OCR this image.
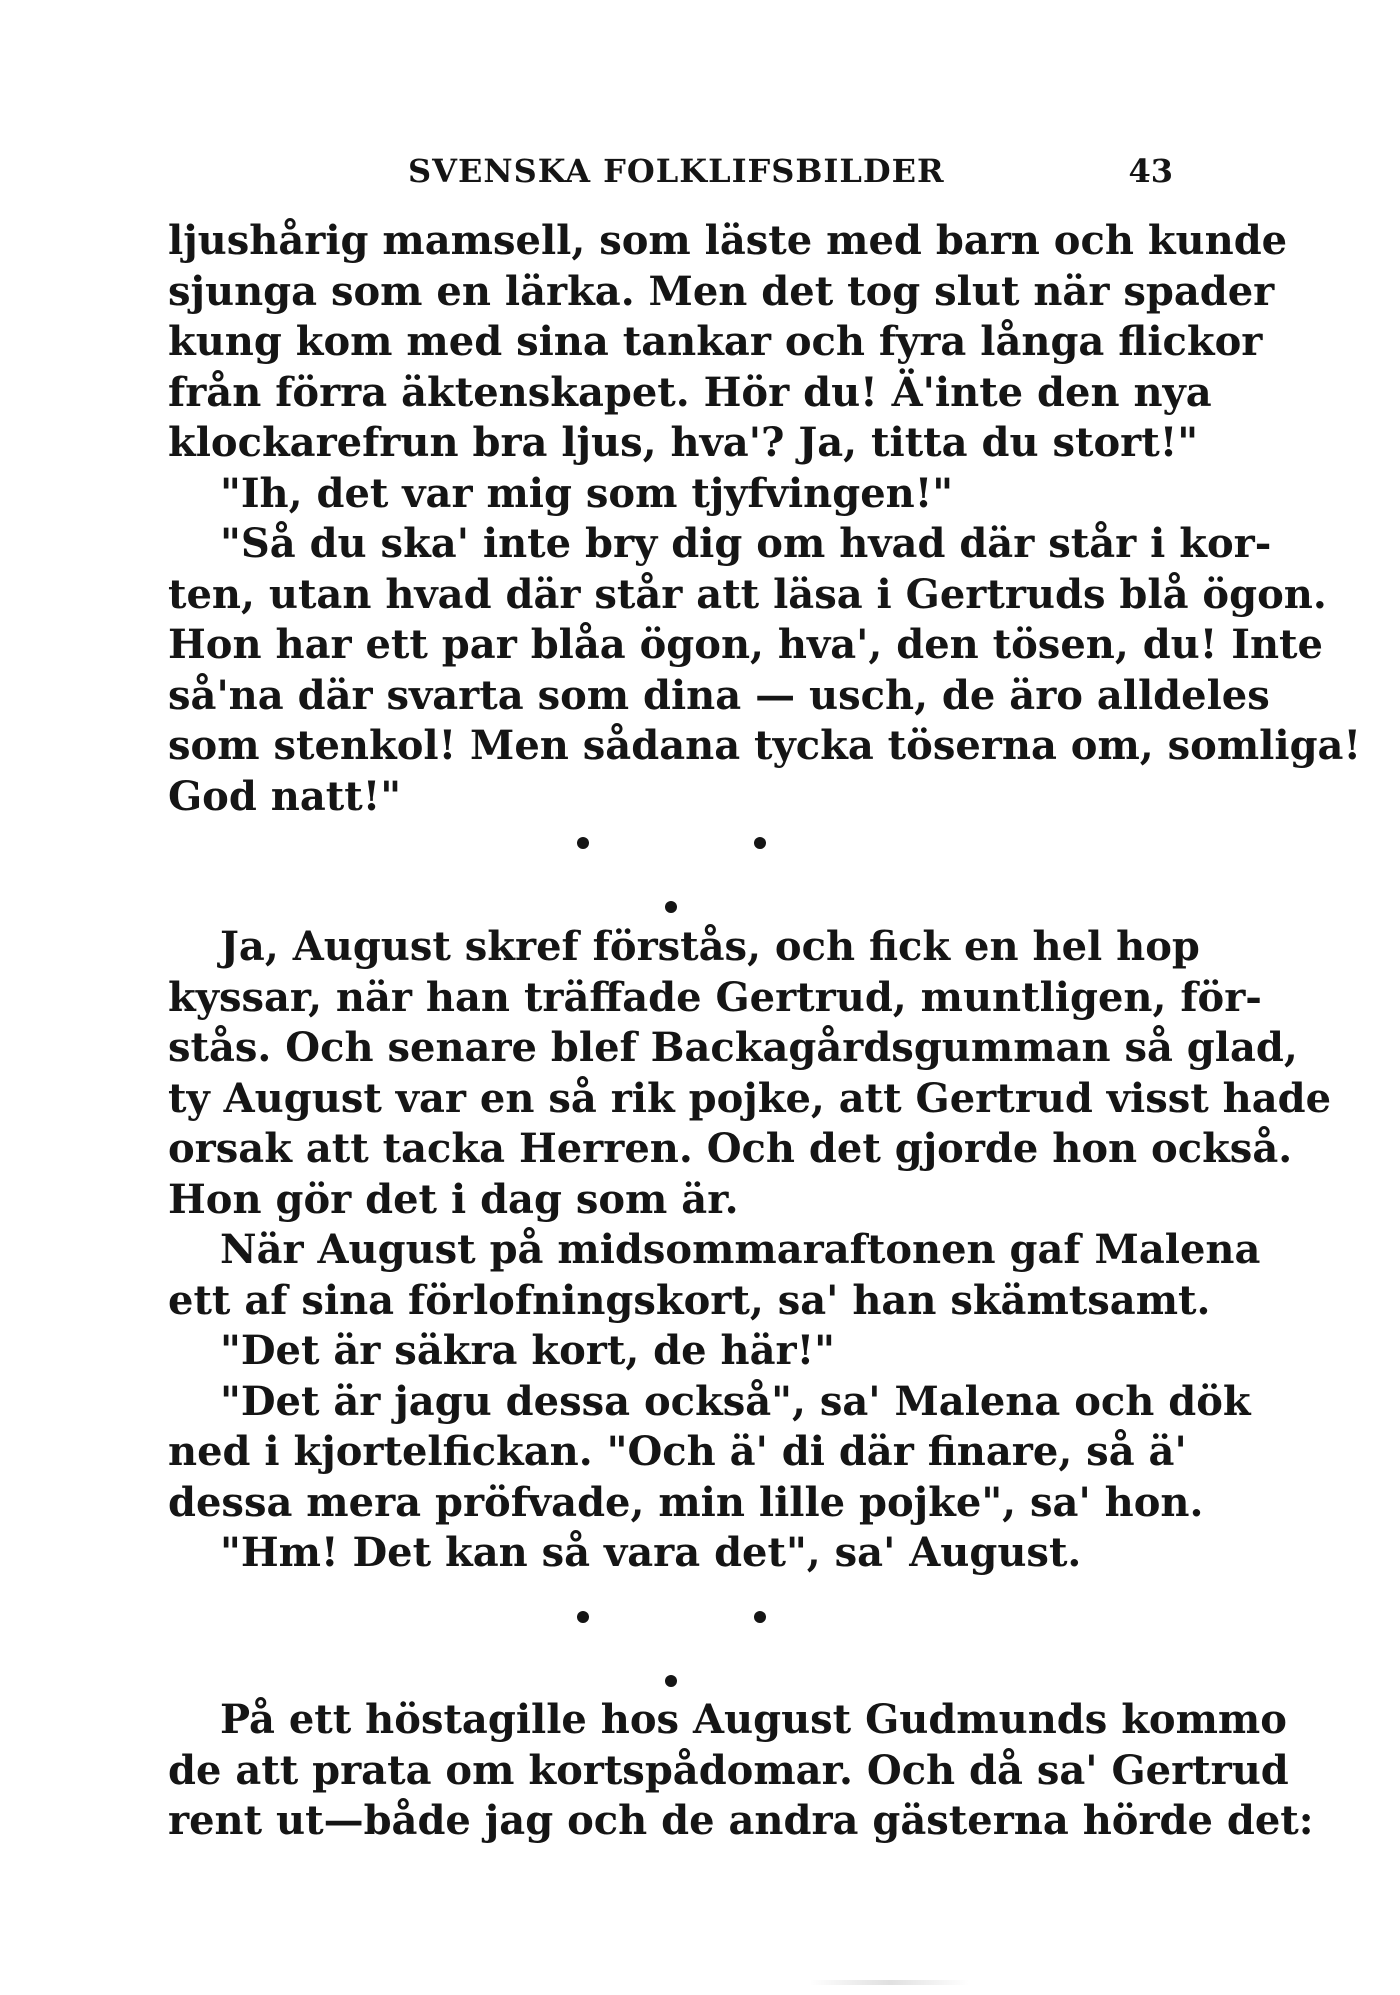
SVENSKA FOLKLIFSBILDER	43
ljushårig mamsell, som läste med barn och kunde
sjunga som en lärka. Men det tog slut när spader
kung kom med sina tankar och fyra långa flickor
från förra äktenskapet. Hör du! Ä'inte den nya
klockarefrun bra ljus, hva'? Ja, titta du stort!"
"Ih, det var mig som tjyfvingen!"
"Så du ska' inte bry dig om hvad där står i kor-
ten, utan hvad där står att läsa i Gertruds blå ögon.
Hon har ett par blåa ögon, hva', den tösen, du! Inte
så'na där svarta som dina — usch, de äro alldeles
som stenkol! Men sådana tycka töserna om, somliga!
God natt!"
Ja, August skref förstås, och fick en hel hop
kyssar, när han träffade Gertrud, muntligen, för-
stås. Och senare blef Backagårdsgumman så glad,
ty August var en så rik pojke, att Gertrud visst hade
orsak att tacka Herren. Och det gjorde hon också.
Hon gör det i dag som är.
När August på midsommaraftonen gaf Malena
ett af sina förlofningskort, sa' han skämtsamt.
"Det är säkra kort, de här!"
"Det är jagu dessa också", sa' Malena och dök
ned i kjortelfickan. "Och ä' di där finare, så ä'
dessa mera pröfvade, min lille pojke", sa' hon.
"Hm! Det kan så vara det", sa' August.
På ett höstagille hos August Gudmunds kommo
de att prata om kortspådomar. Och då sa' Gertrud
rent ut—både jag och de andra gästerna hörde det:
